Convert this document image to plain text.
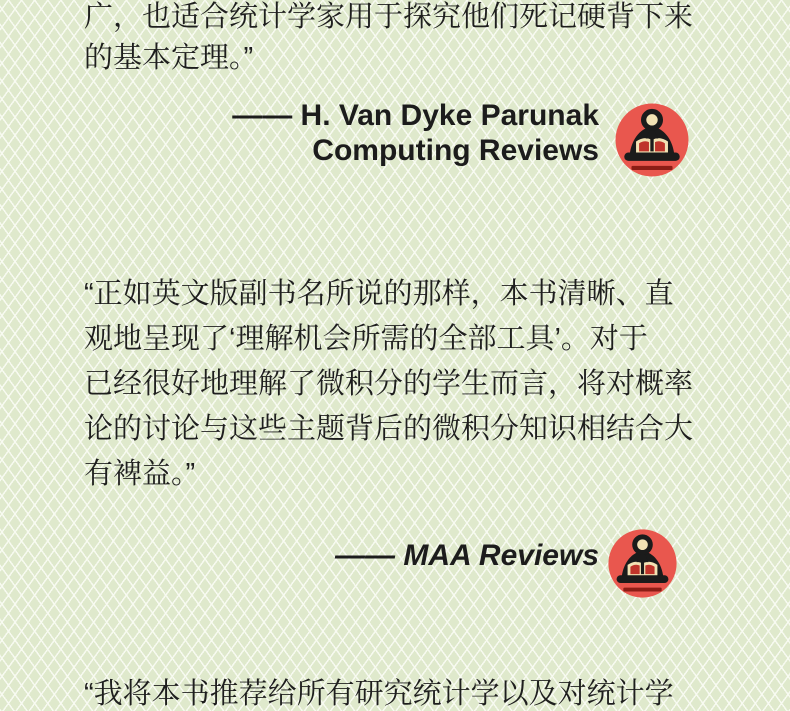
广，也适合统计学家用于探究他们死记硬背下来
的基本定理。”
—— H. Van Dyke Parunak
Computing Reviews
“正如英文版副书名所说的那样，本书清晰、直
观地呈现了‘理解机会所需的全部工具’。对于
已经很好地理解了微积分的学生而言，将对概率
论的讨论与这些主题背后的微积分知识相结合大
有裨益。”
—— MAA Reviews
“我将本书推荐给所有研究统计学以及对统计学
